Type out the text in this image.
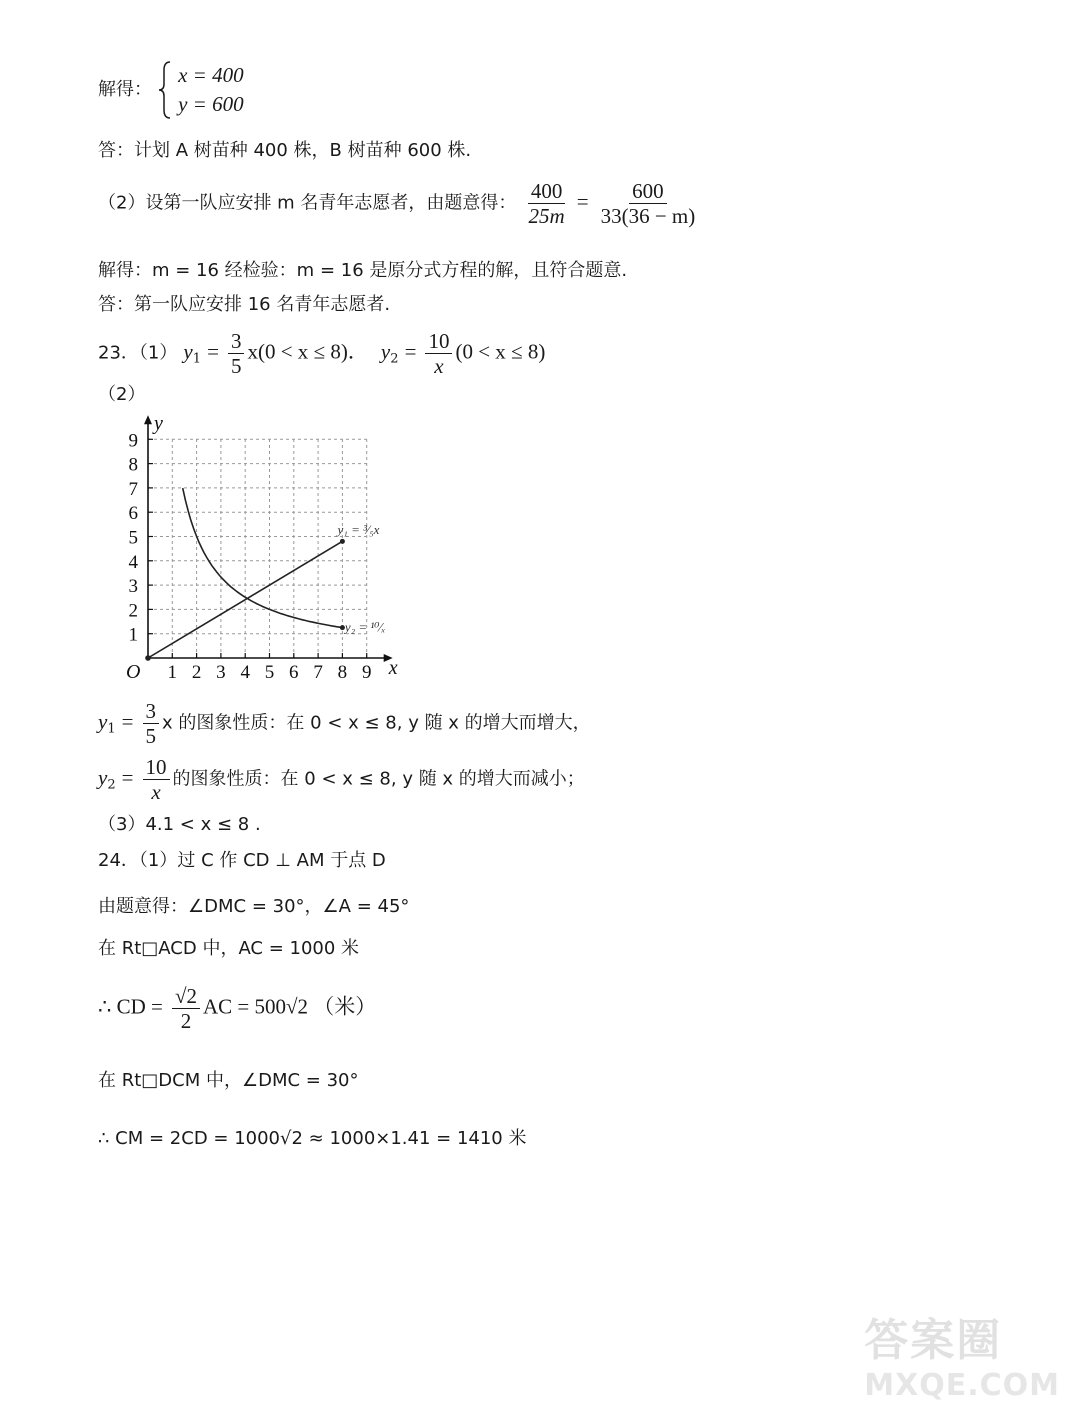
解得：
x = 400
y = 600
答：计划 A 树苗种 400 株，B 树苗种 600 株.
（2）设第一队应安排 m 名青年志愿者，由题意得： $\frac{400}{25m} = \frac{600}{33(36 - m)}$
解得：m = 16 经检验：m = 16 是原分式方程的解，且符合题意.
答：第一队应安排 16 名青年志愿者.
23．（1） $y_1 = \frac{3}{5} x(0 < x \le 8)$． $y_2 = \frac{10}{x} (0 < x \le 8)$
（2）
1 2 3 4 5 6 7 8 9
1
2
3
4
5
6
7
8
9
O	x
y
y₁ = ³⁄₅x
y₂ = ¹⁰⁄ₓ
$y_1 = \frac{3}{5}$ x 的图象性质：在 0 < x ≤ 8, y 随 x 的增大而增大，
$y_2 = \frac{10}{x}$ 的图象性质：在 0 < x ≤ 8, y 随 x 的增大而减小；
（3）4.1 < x ≤ 8 .
24．（1）过 C 作 CD ⊥ AM 于点 D
由题意得：∠DMC = 30°，∠A = 45°
在 Rt□ACD 中，AC = 1000 米
∴ CD = $\frac{√2}{2}$ AC = 500√2 （米）
在 Rt□DCM 中，∠DMC = 30°
∴ CM = 2CD = 1000√2 ≈ 1000×1.41 = 1410 米
答案圈
MXQE.COM
